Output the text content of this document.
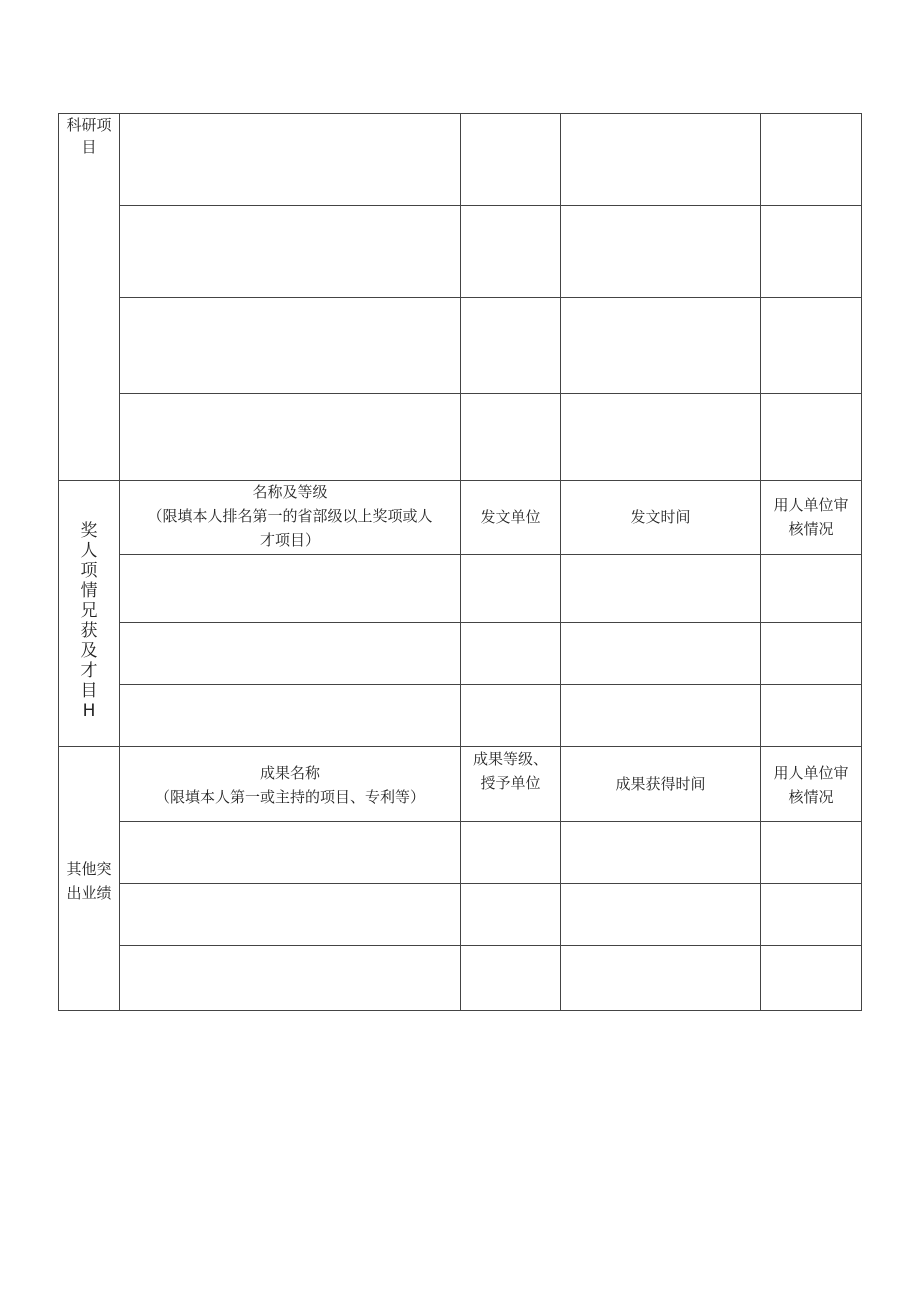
科研项
目
奖人项情兄获及才目H
名称及等级
（限填本人排名第一的省部级以上奖项或人
才项目）
发文单位	发文时间
用人单位审
核情况
其他突
出业绩
成果名称
（限填本人第一或主持的项目、专利等）
成果等级、
授予单位	成果获得时间
用人单位审
核情况
